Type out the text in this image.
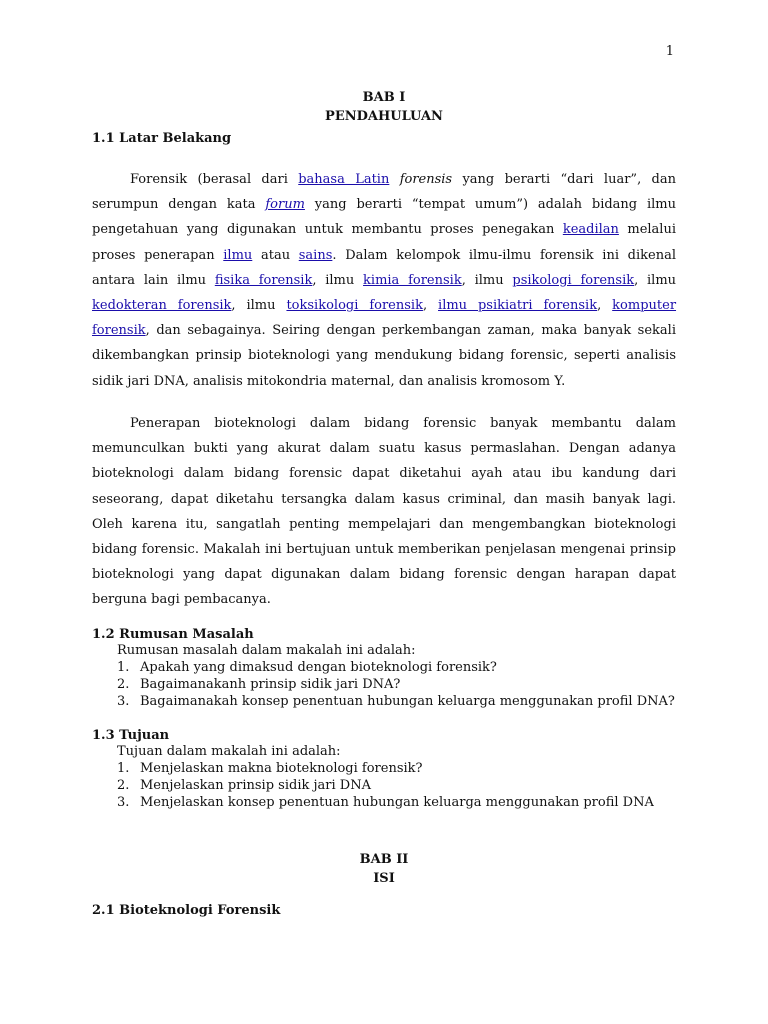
1
BAB I
PENDAHULUAN
1.1 Latar Belakang

Forensik (berasal dari bahasa Latin forensis yang berarti “dari luar”, dan serumpun dengan kata forum yang berarti “tempat umum”) adalah bidang ilmu pengetahuan yang digunakan untuk membantu proses penegakan keadilan melalui proses penerapan ilmu atau sains. Dalam kelompok ilmu-ilmu forensik ini dikenal antara lain ilmu fisika forensik, ilmu kimia forensik, ilmu psikologi forensik, ilmu kedokteran forensik, ilmu toksikologi forensik, ilmu psikiatri forensik, komputer forensik, dan sebagainya. Seiring dengan perkembangan zaman, maka banyak sekali dikembangkan prinsip bioteknologi yang mendukung bidang forensic, seperti analisis sidik jari DNA, analisis mitokondria maternal, dan analisis kromosom Y.

Penerapan bioteknologi dalam bidang forensic banyak membantu dalam memunculkan bukti yang akurat dalam suatu kasus permaslahan. Dengan adanya bioteknologi dalam bidang forensic dapat diketahui ayah atau ibu kandung dari seseorang, dapat diketahu tersangka dalam kasus criminal, dan masih banyak lagi. Oleh karena itu, sangatlah penting mempelajari dan mengembangkan bioteknologi bidang forensic. Makalah ini bertujuan untuk memberikan penjelasan mengenai prinsip bioteknologi yang dapat digunakan dalam bidang forensic dengan harapan dapat berguna bagi pembacanya.

1.2 Rumusan Masalah

Rumusan masalah dalam makalah ini adalah:

1. Apakah yang dimaksud dengan bioteknologi forensik?
2. Bagaimanakanh prinsip sidik jari DNA?
3. Bagaimanakah konsep penentuan hubungan keluarga menggunakan profil DNA?
1.3 Tujuan

Tujuan dalam makalah ini adalah:

1. Menjelaskan makna bioteknologi forensik?
2. Menjelaskan prinsip sidik jari DNA
3. Menjelaskan konsep penentuan hubungan keluarga menggunakan profil DNA
BAB II
ISI
2.1 Bioteknologi Forensik
